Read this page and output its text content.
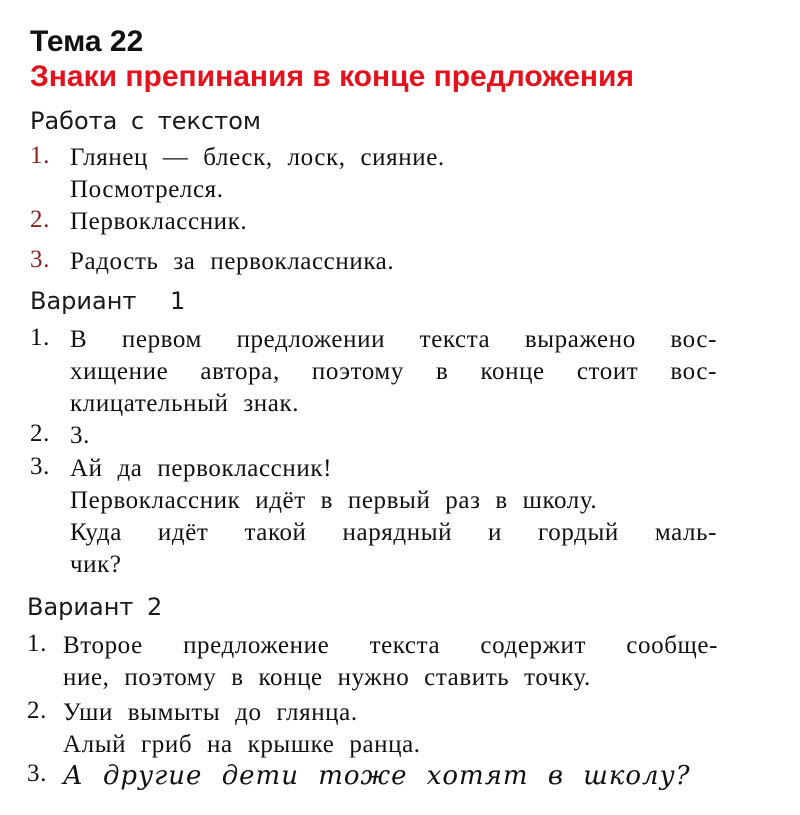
Тема 22
Знаки препинания в конце предложения
Работа с текстом
1. Глянец — блеск, лоск, сияние.
Посмотрелся.
2. Первоклассник.
3. Радость за первоклассника.
Вариант 1
1. В первом предложении текста выражено вос-
хищение автора, поэтому в конце стоит вос-
клицательный знак.
2. 3.
3. Ай да первоклассник!
Первоклассник идёт в первый раз в школу.
Куда идёт такой нарядный и гордый маль-
чик?
Вариант 2
1. Второе предложение текста содержит сообще-
ние, поэтому в конце нужно ставить точку.
2. Уши вымыты до глянца.
Алый гриб на крышке ранца.
3. А другие дети тоже хотят в школу?
